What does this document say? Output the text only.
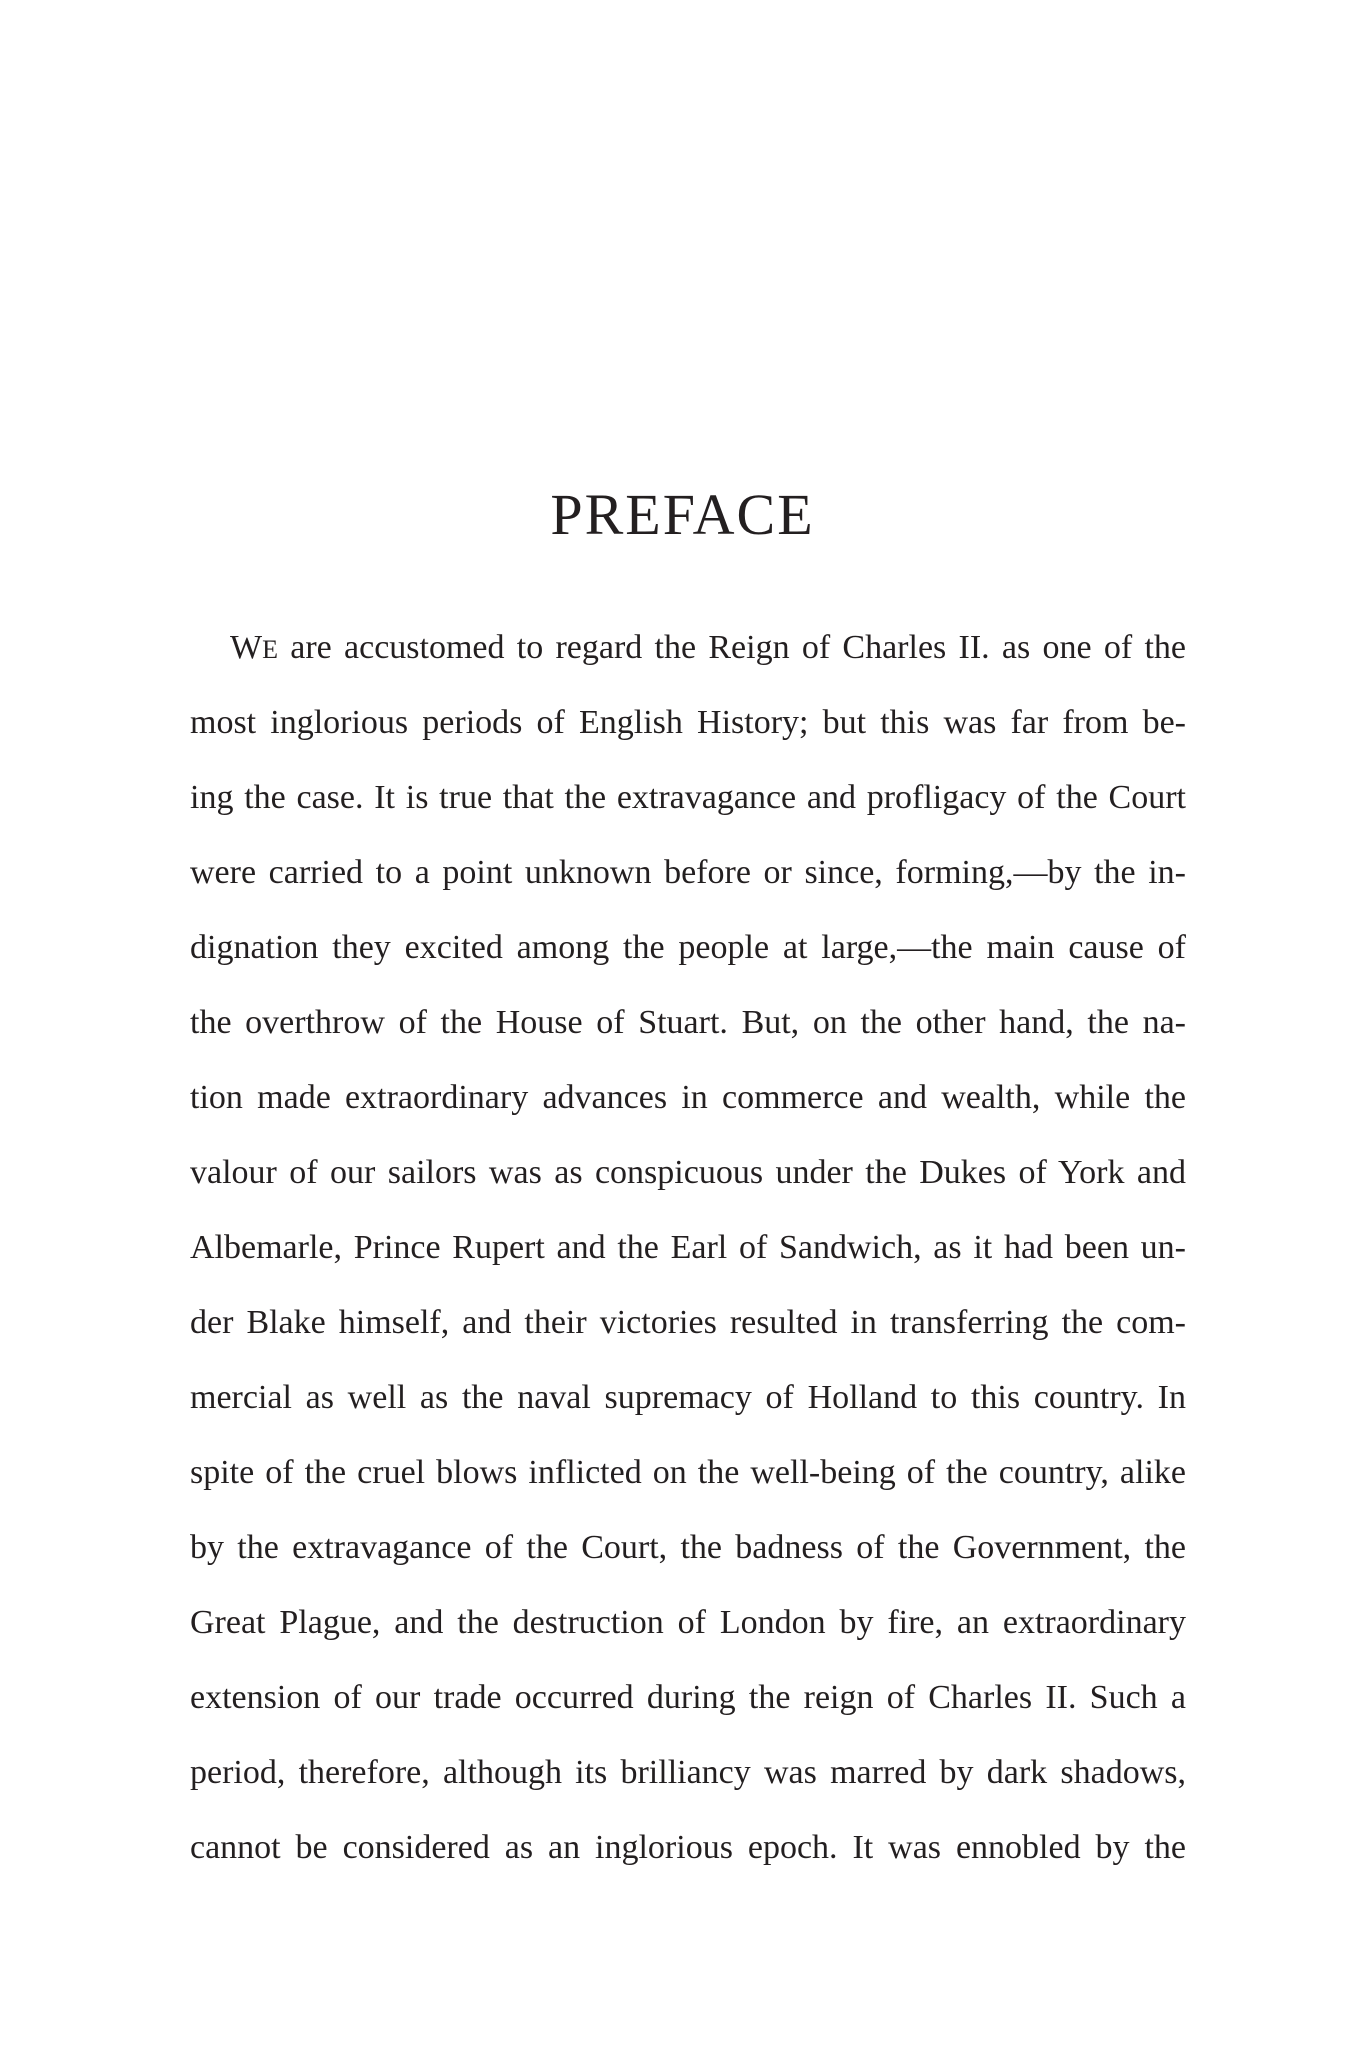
PREFACE
WE are accustomed to regard the Reign of Charles II. as one of the
most inglorious periods of English History; but this was far from be-
ing the case. It is true that the extravagance and profligacy of the Court
were carried to a point unknown before or since, forming,—by the in-
dignation they excited among the people at large,—the main cause of
the overthrow of the House of Stuart. But, on the other hand, the na-
tion made extraordinary advances in commerce and wealth, while the
valour of our sailors was as conspicuous under the Dukes of York and
Albemarle, Prince Rupert and the Earl of Sandwich, as it had been un-
der Blake himself, and their victories resulted in transferring the com-
mercial as well as the naval supremacy of Holland to this country. In
spite of the cruel blows inflicted on the well-being of the country, alike
by the extravagance of the Court, the badness of the Government, the
Great Plague, and the destruction of London by fire, an extraordinary
extension of our trade occurred during the reign of Charles II. Such a
period, therefore, although its brilliancy was marred by dark shadows,
cannot be considered as an inglorious epoch. It was ennobled by the
